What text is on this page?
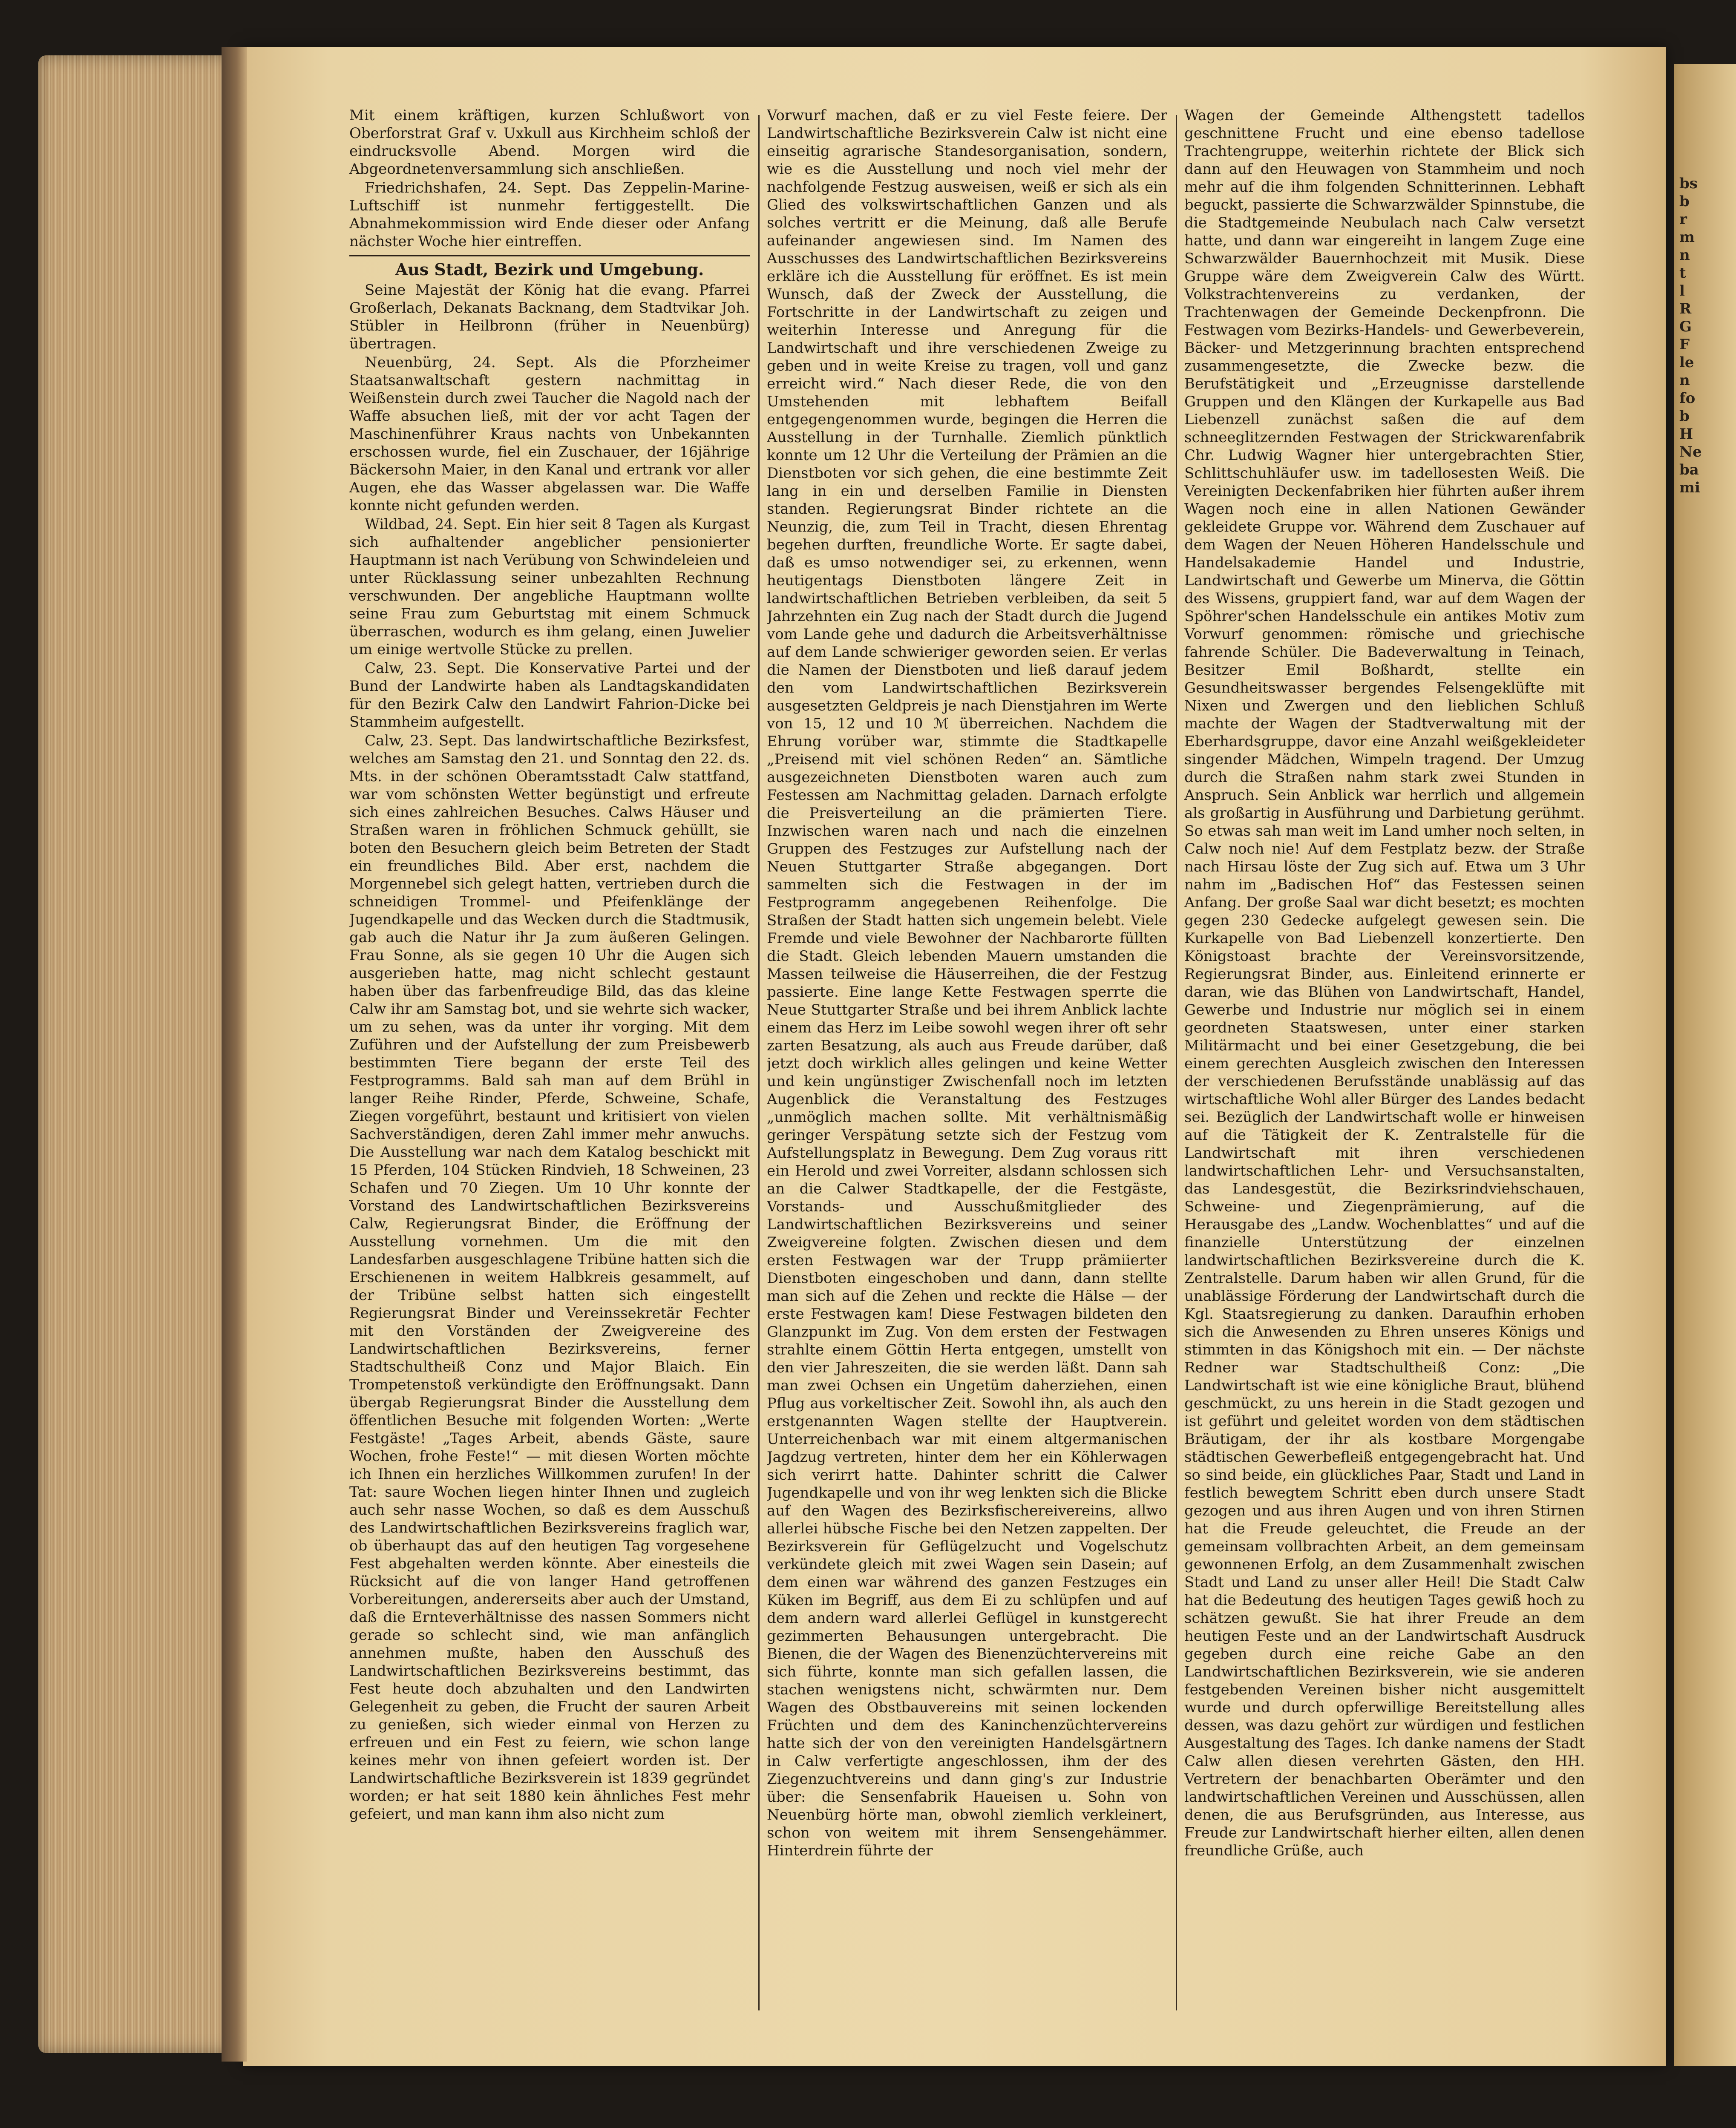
bs
b
r
m
n
t
l
R
G
F
le
n
fo
b
H
Ne
ba
mi

Mit einem kräftigen, kurzen Schlußwort von Oberforstrat Graf v. Uxkull aus Kirchheim schloß der eindrucksvolle Abend. Morgen wird die Abgeordnetenversammlung sich anschließen.

Friedrichshafen, 24. Sept. Das Zeppelin-Marine-Luftschiff ist nunmehr fertiggestellt. Die Abnahmekommission wird Ende dieser oder Anfang nächster Woche hier eintreffen.

Aus Stadt, Bezirk und Umgebung.

Seine Majestät der König hat die evang. Pfarrei Großerlach, Dekanats Backnang, dem Stadtvikar Joh. Stübler in Heilbronn (früher in Neuenbürg) übertragen.

Neuenbürg, 24. Sept. Als die Pforzheimer Staatsanwaltschaft gestern nachmittag in Weißenstein durch zwei Taucher die Nagold nach der Waffe absuchen ließ, mit der vor acht Tagen der Maschinenführer Kraus nachts von Unbekannten erschossen wurde, fiel ein Zuschauer, der 16jährige Bäckersohn Maier, in den Kanal und ertrank vor aller Augen, ehe das Wasser abgelassen war. Die Waffe konnte nicht gefunden werden.

Wildbad, 24. Sept. Ein hier seit 8 Tagen als Kurgast sich aufhaltender angeblicher pensionierter Hauptmann ist nach Verübung von Schwindeleien und unter Rücklassung seiner unbezahlten Rechnung verschwunden. Der angebliche Hauptmann wollte seine Frau zum Geburtstag mit einem Schmuck überraschen, wodurch es ihm gelang, einen Juwelier um einige wertvolle Stücke zu prellen.

Calw, 23. Sept. Die Konservative Partei und der Bund der Landwirte haben als Landtagskandidaten für den Bezirk Calw den Landwirt Fahrion-Dicke bei Stammheim aufgestellt.

Calw, 23. Sept. Das landwirtschaftliche Bezirksfest, welches am Samstag den 21. und Sonntag den 22. ds. Mts. in der schönen Oberamtsstadt Calw stattfand, war vom schönsten Wetter begünstigt und erfreute sich eines zahlreichen Besuches. Calws Häuser und Straßen waren in fröhlichen Schmuck gehüllt, sie boten den Besuchern gleich beim Betreten der Stadt ein freundliches Bild. Aber erst, nachdem die Morgennebel sich gelegt hatten, vertrieben durch die schneidigen Trommel- und Pfeifenklänge der Jugendkapelle und das Wecken durch die Stadtmusik, gab auch die Natur ihr Ja zum äußeren Gelingen. Frau Sonne, als sie gegen 10 Uhr die Augen sich ausgerieben hatte, mag nicht schlecht gestaunt haben über das farbenfreudige Bild, das das kleine Calw ihr am Samstag bot, und sie wehrte sich wacker, um zu sehen, was da unter ihr vorging. Mit dem Zuführen und der Aufstellung der zum Preisbewerb bestimmten Tiere begann der erste Teil des Festprogramms. Bald sah man auf dem Brühl in langer Reihe Rinder, Pferde, Schweine, Schafe, Ziegen vorgeführt, bestaunt und kritisiert von vielen Sachverständigen, deren Zahl immer mehr anwuchs. Die Ausstellung war nach dem Katalog beschickt mit 15 Pferden, 104 Stücken Rindvieh, 18 Schweinen, 23 Schafen und 70 Ziegen. Um 10 Uhr konnte der Vorstand des Landwirtschaftlichen Bezirksvereins Calw, Regierungsrat Binder, die Eröffnung der Ausstellung vornehmen. Um die mit den Landesfarben ausgeschlagene Tribüne hatten sich die Erschienenen in weitem Halbkreis gesammelt, auf der Tribüne selbst hatten sich eingestellt Regierungsrat Binder und Vereinssekretär Fechter mit den Vorständen der Zweigvereine des Landwirtschaftlichen Bezirksvereins, ferner Stadtschultheiß Conz und Major Blaich. Ein Trompetenstoß verkündigte den Eröffnungsakt. Dann übergab Regierungsrat Binder die Ausstellung dem öffentlichen Besuche mit folgenden Worten: „Werte Festgäste! „Tages Arbeit, abends Gäste, saure Wochen, frohe Feste!“ — mit diesen Worten möchte ich Ihnen ein herzliches Willkommen zurufen! In der Tat: saure Wochen liegen hinter Ihnen und zugleich auch sehr nasse Wochen, so daß es dem Ausschuß des Landwirtschaftlichen Bezirksvereins fraglich war, ob überhaupt das auf den heutigen Tag vorgesehene Fest abgehalten werden könnte. Aber einesteils die Rücksicht auf die von langer Hand getroffenen Vorbereitungen, andererseits aber auch der Umstand, daß die Ernteverhältnisse des nassen Sommers nicht gerade so schlecht sind, wie man anfänglich annehmen mußte, haben den Ausschuß des Landwirtschaftlichen Bezirksvereins bestimmt, das Fest heute doch abzuhalten und den Landwirten Gelegenheit zu geben, die Frucht der sauren Arbeit zu genießen, sich wieder einmal von Herzen zu erfreuen und ein Fest zu feiern, wie schon lange keines mehr von ihnen gefeiert worden ist. Der Landwirtschaftliche Bezirksverein ist 1839 gegründet worden; er hat seit 1880 kein ähnliches Fest mehr gefeiert, und man kann ihm also nicht zum

Vorwurf machen, daß er zu viel Feste feiere. Der Landwirtschaftliche Bezirksverein Calw ist nicht eine einseitig agrarische Standesorganisation, sondern, wie es die Ausstellung und noch viel mehr der nachfolgende Festzug ausweisen, weiß er sich als ein Glied des volkswirtschaftlichen Ganzen und als solches vertritt er die Meinung, daß alle Berufe aufeinander angewiesen sind. Im Namen des Ausschusses des Landwirtschaftlichen Bezirksvereins erkläre ich die Ausstellung für eröffnet. Es ist mein Wunsch, daß der Zweck der Ausstellung, die Fortschritte in der Landwirtschaft zu zeigen und weiterhin Interesse und Anregung für die Landwirtschaft und ihre verschiedenen Zweige zu geben und in weite Kreise zu tragen, voll und ganz erreicht wird.“ Nach dieser Rede, die von den Umstehenden mit lebhaftem Beifall entgegengenommen wurde, begingen die Herren die Ausstellung in der Turnhalle. Ziemlich pünktlich konnte um 12 Uhr die Verteilung der Prämien an die Dienstboten vor sich gehen, die eine bestimmte Zeit lang in ein und derselben Familie in Diensten standen. Regierungsrat Binder richtete an die Neunzig, die, zum Teil in Tracht, diesen Ehrentag begehen durften, freundliche Worte. Er sagte dabei, daß es umso notwendiger sei, zu erkennen, wenn heutigentags Dienstboten längere Zeit in landwirtschaftlichen Betrieben verbleiben, da seit 5 Jahrzehnten ein Zug nach der Stadt durch die Jugend vom Lande gehe und dadurch die Arbeitsverhältnisse auf dem Lande schwieriger geworden seien. Er verlas die Namen der Dienstboten und ließ darauf jedem den vom Landwirtschaftlichen Bezirksverein ausgesetzten Geldpreis je nach Dienstjahren im Werte von 15, 12 und 10 ℳ überreichen. Nachdem die Ehrung vorüber war, stimmte die Stadtkapelle „Preisend mit viel schönen Reden“ an. Sämtliche ausgezeichneten Dienstboten waren auch zum Festessen am Nachmittag geladen. Darnach erfolgte die Preisverteilung an die prämierten Tiere. Inzwischen waren nach und nach die einzelnen Gruppen des Festzuges zur Aufstellung nach der Neuen Stuttgarter Straße abgegangen. Dort sammelten sich die Festwagen in der im Festprogramm angegebenen Reihenfolge. Die Straßen der Stadt hatten sich ungemein belebt. Viele Fremde und viele Bewohner der Nachbarorte füllten die Stadt. Gleich lebenden Mauern umstanden die Massen teilweise die Häuserreihen, die der Festzug passierte. Eine lange Kette Festwagen sperrte die Neue Stuttgarter Straße und bei ihrem Anblick lachte einem das Herz im Leibe sowohl wegen ihrer oft sehr zarten Besatzung, als auch aus Freude darüber, daß jetzt doch wirklich alles gelingen und keine Wetter und kein ungünstiger Zwischenfall noch im letzten Augenblick die Veranstaltung des Festzuges „unmöglich machen sollte. Mit verhältnismäßig geringer Verspätung setzte sich der Festzug vom Aufstellungsplatz in Bewegung. Dem Zug voraus ritt ein Herold und zwei Vorreiter, alsdann schlossen sich an die Calwer Stadtkapelle, der die Festgäste, Vorstands- und Ausschußmitglieder des Landwirtschaftlichen Bezirksvereins und seiner Zweigvereine folgten. Zwischen diesen und dem ersten Festwagen war der Trupp prämiierter Dienstboten eingeschoben und dann, dann stellte man sich auf die Zehen und reckte die Hälse — der erste Festwagen kam! Diese Festwagen bildeten den Glanzpunkt im Zug. Von dem ersten der Festwagen strahlte einem Göttin Herta entgegen, umstellt von den vier Jahreszeiten, die sie werden läßt. Dann sah man zwei Ochsen ein Ungetüm daherziehen, einen Pflug aus vorkeltischer Zeit. Sowohl ihn, als auch den erstgenannten Wagen stellte der Hauptverein. Unterreichenbach war mit einem altgermanischen Jagdzug vertreten, hinter dem her ein Köhlerwagen sich verirrt hatte. Dahinter schritt die Calwer Jugendkapelle und von ihr weg lenkten sich die Blicke auf den Wagen des Bezirksfischereivereins, allwo allerlei hübsche Fische bei den Netzen zappelten. Der Bezirksverein für Geflügelzucht und Vogelschutz verkündete gleich mit zwei Wagen sein Dasein; auf dem einen war während des ganzen Festzuges ein Küken im Begriff, aus dem Ei zu schlüpfen und auf dem andern ward allerlei Geflügel in kunstgerecht gezimmerten Behausungen untergebracht. Die Bienen, die der Wagen des Bienenzüchtervereins mit sich führte, konnte man sich gefallen lassen, die stachen wenigstens nicht, schwärmten nur. Dem Wagen des Obstbauvereins mit seinen lockenden Früchten und dem des Kaninchenzüchtervereins hatte sich der von den vereinigten Handelsgärtnern in Calw verfertigte angeschlossen, ihm der des Ziegenzuchtvereins und dann ging's zur Industrie über: die Sensenfabrik Haueisen u. Sohn von Neuenbürg hörte man, obwohl ziemlich verkleinert, schon von weitem mit ihrem Sensengehämmer. Hinterdrein führte der

Wagen der Gemeinde Althengstett tadellos geschnittene Frucht und eine ebenso tadellose Trachtengruppe, weiterhin richtete der Blick sich dann auf den Heuwagen von Stammheim und noch mehr auf die ihm folgenden Schnitterinnen. Lebhaft beguckt, passierte die Schwarzwälder Spinnstube, die die Stadtgemeinde Neubulach nach Calw versetzt hatte, und dann war eingereiht in langem Zuge eine Schwarzwälder Bauernhochzeit mit Musik. Diese Gruppe wäre dem Zweigverein Calw des Württ. Volkstrachtenvereins zu verdanken, der Trachtenwagen der Gemeinde Deckenpfronn. Die Festwagen vom Bezirks-Handels- und Gewerbeverein, Bäcker- und Metzgerinnung brachten entsprechend zusammengesetzte, die Zwecke bezw. die Berufstätigkeit und „Erzeugnisse darstellende Gruppen und den Klängen der Kurkapelle aus Bad Liebenzell zunächst saßen die auf dem schneeglitzernden Festwagen der Strickwarenfabrik Chr. Ludwig Wagner hier untergebrachten Stier, Schlittschuhläufer usw. im tadellosesten Weiß. Die Vereinigten Deckenfabriken hier führten außer ihrem Wagen noch eine in allen Nationen Gewänder gekleidete Gruppe vor. Während dem Zuschauer auf dem Wagen der Neuen Höheren Handelsschule und Handelsakademie Handel und Industrie, Landwirtschaft und Gewerbe um Minerva, die Göttin des Wissens, gruppiert fand, war auf dem Wagen der Spöhrer'schen Handelsschule ein antikes Motiv zum Vorwurf genommen: römische und griechische fahrende Schüler. Die Badeverwaltung in Teinach, Besitzer Emil Boßhardt, stellte ein Gesundheitswasser bergendes Felsengeklüfte mit Nixen und Zwergen und den lieblichen Schluß machte der Wagen der Stadtverwaltung mit der Eberhardsgruppe, davor eine Anzahl weißgekleideter singender Mädchen, Wimpeln tragend. Der Umzug durch die Straßen nahm stark zwei Stunden in Anspruch. Sein Anblick war herrlich und allgemein als großartig in Ausführung und Darbietung gerühmt. So etwas sah man weit im Land umher noch selten, in Calw noch nie! Auf dem Festplatz bezw. der Straße nach Hirsau löste der Zug sich auf. Etwa um 3 Uhr nahm im „Badischen Hof“ das Festessen seinen Anfang. Der große Saal war dicht besetzt; es mochten gegen 230 Gedecke aufgelegt gewesen sein. Die Kurkapelle von Bad Liebenzell konzertierte. Den Königstoast brachte der Vereinsvorsitzende, Regierungsrat Binder, aus. Einleitend erinnerte er daran, wie das Blühen von Landwirtschaft, Handel, Gewerbe und Industrie nur möglich sei in einem geordneten Staatswesen, unter einer starken Militärmacht und bei einer Gesetzgebung, die bei einem gerechten Ausgleich zwischen den Interessen der verschiedenen Berufsstände unablässig auf das wirtschaftliche Wohl aller Bürger des Landes bedacht sei. Bezüglich der Landwirtschaft wolle er hinweisen auf die Tätigkeit der K. Zentralstelle für die Landwirtschaft mit ihren verschiedenen landwirtschaftlichen Lehr- und Versuchsanstalten, das Landesgestüt, die Bezirksrindviehschauen, Schweine- und Ziegenprämierung, auf die Herausgabe des „Landw. Wochenblattes“ und auf die finanzielle Unterstützung der einzelnen landwirtschaftlichen Bezirksvereine durch die K. Zentralstelle. Darum haben wir allen Grund, für die unablässige Förderung der Landwirtschaft durch die Kgl. Staatsregierung zu danken. Daraufhin erhoben sich die Anwesenden zu Ehren unseres Königs und stimmten in das Königshoch mit ein. — Der nächste Redner war Stadtschultheiß Conz: „Die Landwirtschaft ist wie eine königliche Braut, blühend geschmückt, zu uns herein in die Stadt gezogen und ist geführt und geleitet worden von dem städtischen Bräutigam, der ihr als kostbare Morgengabe städtischen Gewerbefleiß entgegengebracht hat. Und so sind beide, ein glückliches Paar, Stadt und Land in festlich bewegtem Schritt eben durch unsere Stadt gezogen und aus ihren Augen und von ihren Stirnen hat die Freude geleuchtet, die Freude an der gemeinsam vollbrachten Arbeit, an dem gemeinsam gewonnenen Erfolg, an dem Zusammenhalt zwischen Stadt und Land zu unser aller Heil! Die Stadt Calw hat die Bedeutung des heutigen Tages gewiß hoch zu schätzen gewußt. Sie hat ihrer Freude an dem heutigen Feste und an der Landwirtschaft Ausdruck gegeben durch eine reiche Gabe an den Landwirtschaftlichen Bezirksverein, wie sie anderen festgebenden Vereinen bisher nicht ausgemittelt wurde und durch opferwillige Bereitstellung alles dessen, was dazu gehört zur würdigen und festlichen Ausgestaltung des Tages. Ich danke namens der Stadt Calw allen diesen verehrten Gästen, den HH. Vertretern der benachbarten Oberämter und den landwirtschaftlichen Vereinen und Ausschüssen, allen denen, die aus Berufsgründen, aus Interesse, aus Freude zur Landwirtschaft hierher eilten, allen denen freundliche Grüße, auch
